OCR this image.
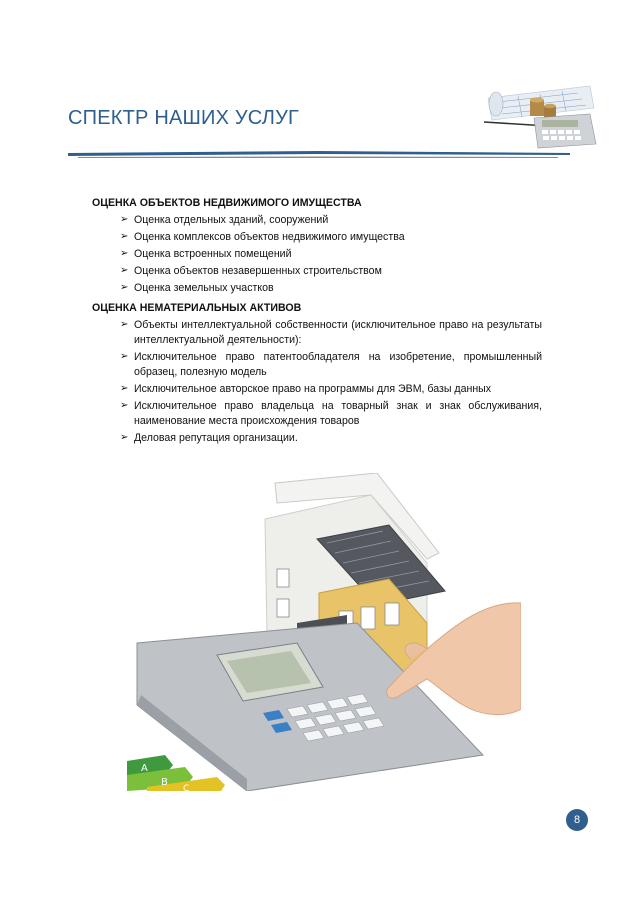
СПЕКТР НАШИХ УСЛУГ
ОЦЕНКА ОБЪЕКТОВ НЕДВИЖИМОГО ИМУЩЕСТВА
➢ Оценка отдельных зданий, сооружений
➢ Оценка комплексов объектов недвижимого имущества
➢ Оценка встроенных помещений
➢ Оценка объектов незавершенных строительством
➢ Оценка земельных участков
ОЦЕНКА НЕМАТЕРИАЛЬНЫХ АКТИВОВ
➢ Объекты интеллектуальной собственности (исключительное право на результаты интеллектуальной деятельности):
➢ Исключительное право патентообладателя на изобретение, промышленный образец, полезную модель
➢ Исключительное авторское право на программы для ЭВМ, базы данных
➢ Исключительное право владельца на товарный знак и знак обслуживания, наименование места происхождения товаров
➢ Деловая репутация организации.
A
B
C
8
